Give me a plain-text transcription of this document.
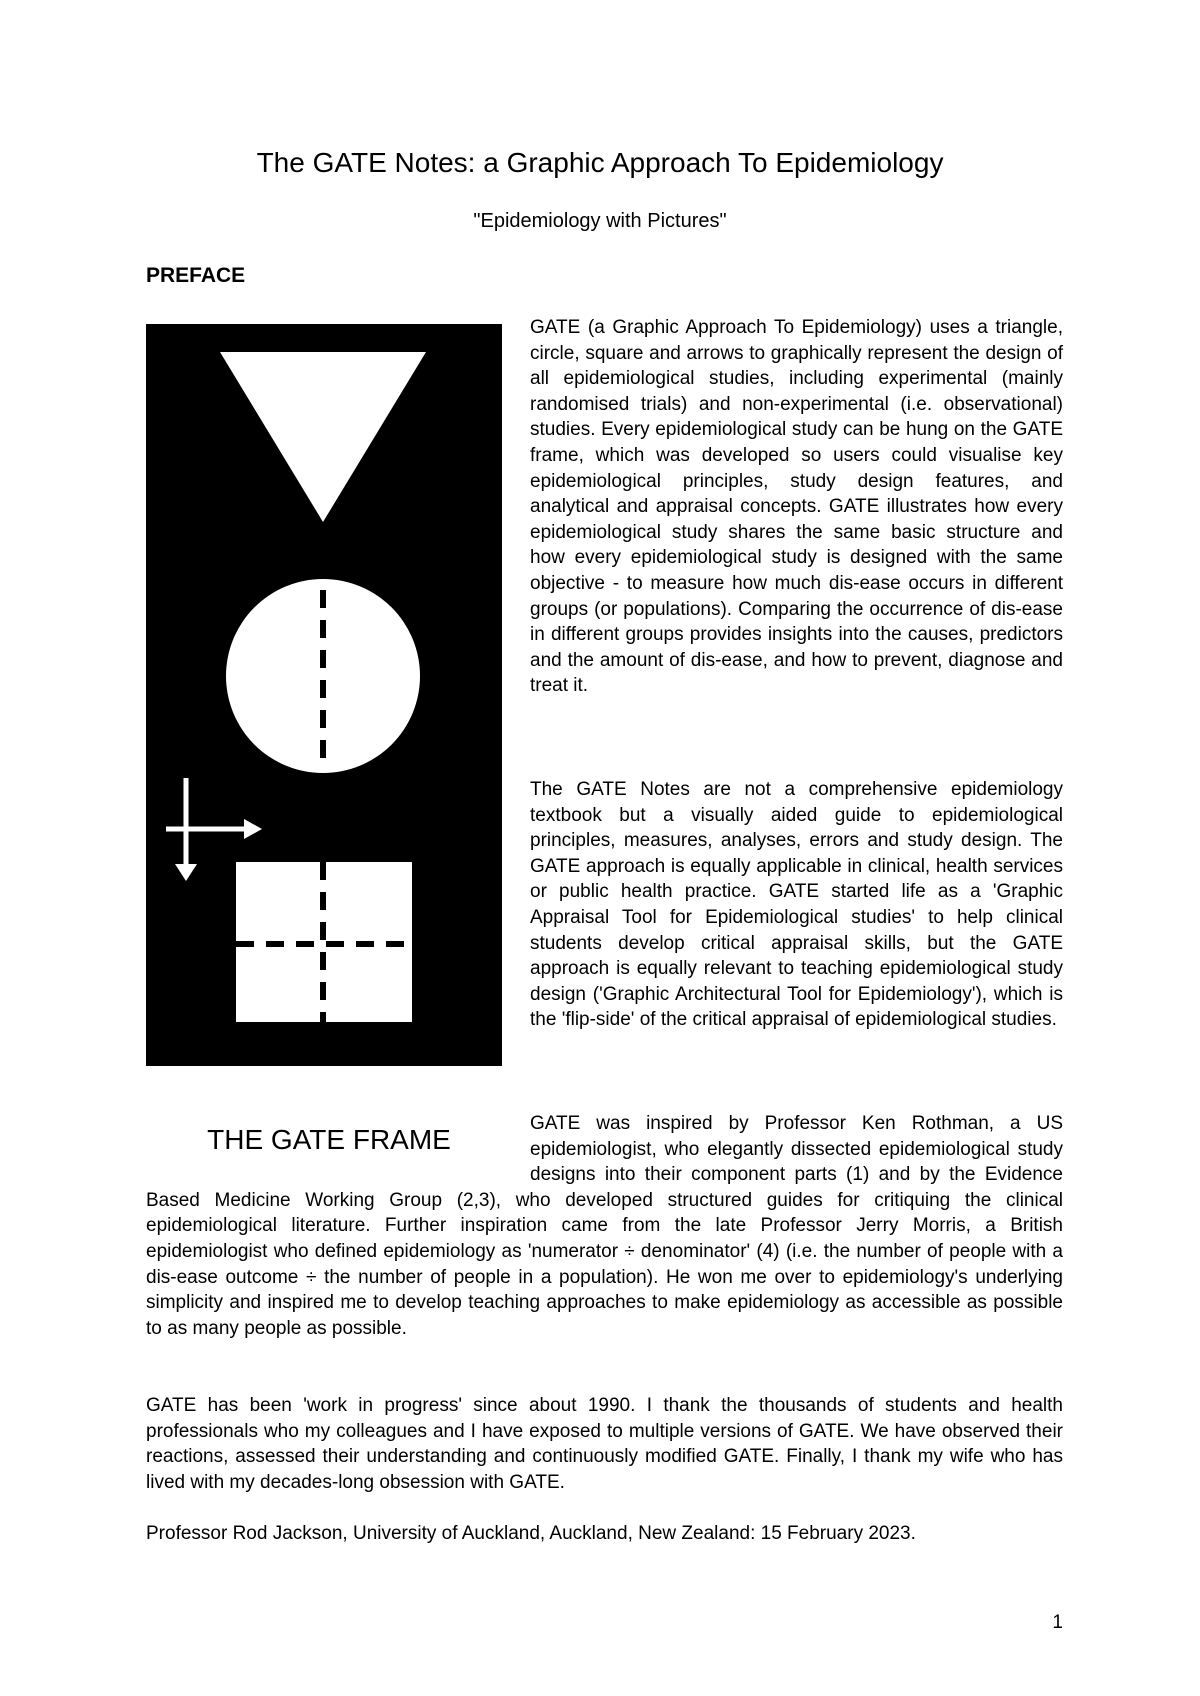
The GATE Notes: a Graphic Approach To Epidemiology

"Epidemiology with Pictures"

PREFACE

THE GATE FRAME

GATE (a Graphic Approach To Epidemiology) uses a triangle, circle, square and arrows to graphically represent the design of all epidemiological studies, including experimental (mainly randomised trials) and non-experimental (i.e. observational) studies. Every epidemiological study can be hung on the GATE frame, which was developed so users could visualise key epidemiological principles, study design features, and analytical and appraisal concepts. GATE illustrates how every epidemiological study shares the same basic structure and how every epidemiological study is designed with the same objective - to measure how much dis-ease occurs in different groups (or populations). Comparing the occurrence of dis-ease in different groups provides insights into the causes, predictors and the amount of dis-ease, and how to prevent, diagnose and treat it.

The GATE Notes are not a comprehensive epidemiology textbook but a visually aided guide to epidemiological principles, measures, analyses, errors and study design. The GATE approach is equally applicable in clinical, health services or public health practice. GATE started life as a 'Graphic Appraisal Tool for Epidemiological studies' to help clinical students develop critical appraisal skills, but the GATE approach is equally relevant to teaching epidemiological study design ('Graphic Architectural Tool for Epidemiology'), which is the 'flip-side' of the critical appraisal of epidemiological studies.

GATE was inspired by Professor Ken Rothman, a US epidemiologist, who elegantly dissected epidemiological study designs into their component parts (1) and by the Evidence Based Medicine Working Group (2,3), who developed structured guides for critiquing the clinical epidemiological literature. Further inspiration came from the late Professor Jerry Morris, a British epidemiologist who defined epidemiology as 'numerator ÷ denominator' (4) (i.e. the number of people with a dis-ease outcome ÷ the number of people in a population). He won me over to epidemiology's underlying simplicity and inspired me to develop teaching approaches to make epidemiology as accessible as possible to as many people as possible.

GATE has been 'work in progress' since about 1990. I thank the thousands of students and health professionals who my colleagues and I have exposed to multiple versions of GATE. We have observed their reactions, assessed their understanding and continuously modified GATE. Finally, I thank my wife who has lived with my decades-long obsession with GATE.

Professor Rod Jackson, University of Auckland, Auckland, New Zealand: 15 February 2023.

1
